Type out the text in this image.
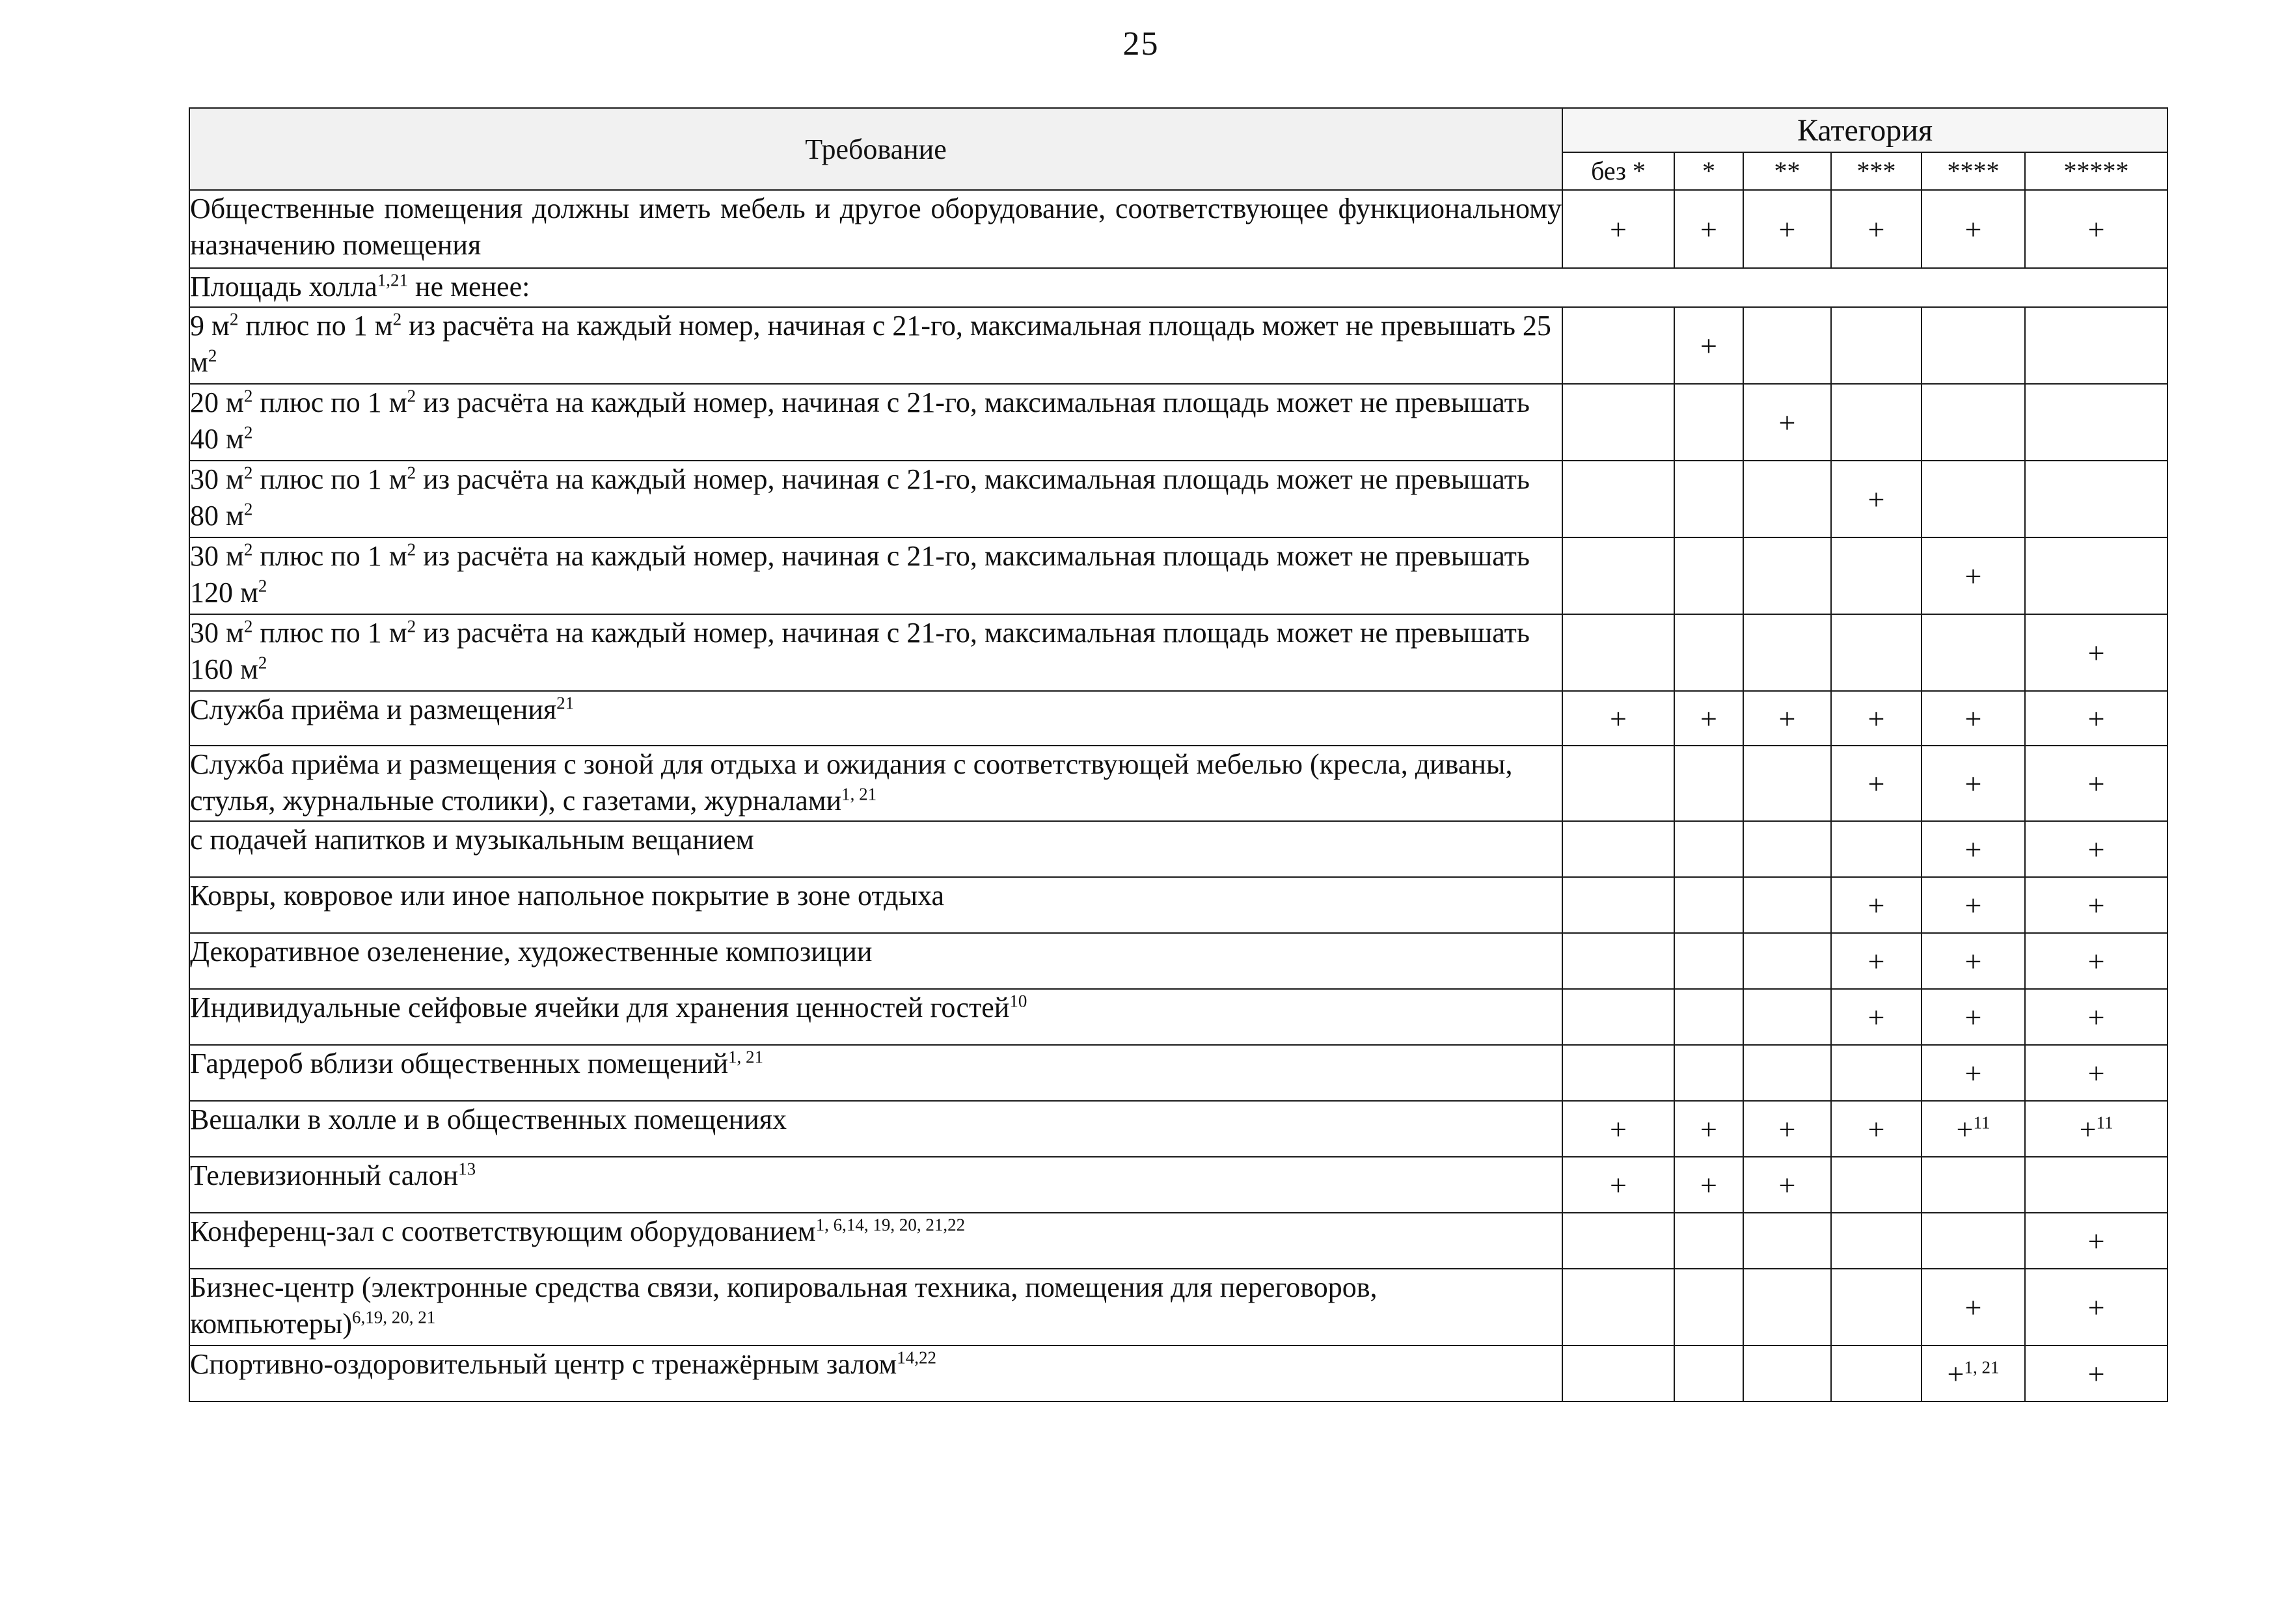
25
Требование	Категория					
	без *	*	**	***	****	*****
Общественные помещения должны иметь мебель и другое оборудование, соответствующее функциональному назначению помещения	+	+	+	+	+	+
Площадь холла$^{1,21}$ не менее:						
9 $м^2$ плюс по 1 $м^2$ из расчёта на каждый номер, начиная с 21-го, максимальная площадь может не превышать 25 $м^2$		+				
20 $м^2$ плюс по 1 $м^2$ из расчёта на каждый номер, начиная с 21-го, максимальная площадь может не превышать 40 $м^2$			+			
30 $м^2$ плюс по 1 $м^2$ из расчёта на каждый номер, начиная с 21-го, максимальная площадь может не превышать 80 $м^2$				+		
30 $м^2$ плюс по 1 $м^2$ из расчёта на каждый номер, начиная с 21-го, максимальная площадь может не превышать 120 $м^2$					+	
30 $м^2$ плюс по 1 $м^2$ из расчёта на каждый номер, начиная с 21-го, максимальная площадь может не превышать 160 $м^2$						+
Служба приёма и размещения$^{21}$	+	+	+	+	+	+
Служба приёма и размещения с зоной для отдыха и ожидания с соответствующей мебелью (кресла, диваны, стулья, журнальные столики), с газетами, журналами$^{1, 21}$				+	+	+
с подачей напитков и музыкальным вещанием					+	+
Ковры, ковровое или иное напольное покрытие в зоне отдыха				+	+	+
Декоративное озеленение, художественные композиции				+	+	+
Индивидуальные сейфовые ячейки для хранения ценностей гостей$^{10}$				+	+	+
Гардероб вблизи общественных помещений$^{1, 21}$					+	+
Вешалки в холле и в общественных помещениях	+	+	+	+	+$^{11}$	+$^{11}$
Телевизионный салон$^{13}$	+	+	+			
Конференц-зал с соответствующим оборудованием$^{1, 6,14, 19, 20, 21,22}$						+
Бизнес-центр (электронные средства связи, копировальная техника, помещения для переговоров, компьютеры)$^{6,19, 20, 21}$					+	+
Спортивно-оздоровительный центр с тренажёрным залом$^{14,22}$					+$^{1, 21}$	+
